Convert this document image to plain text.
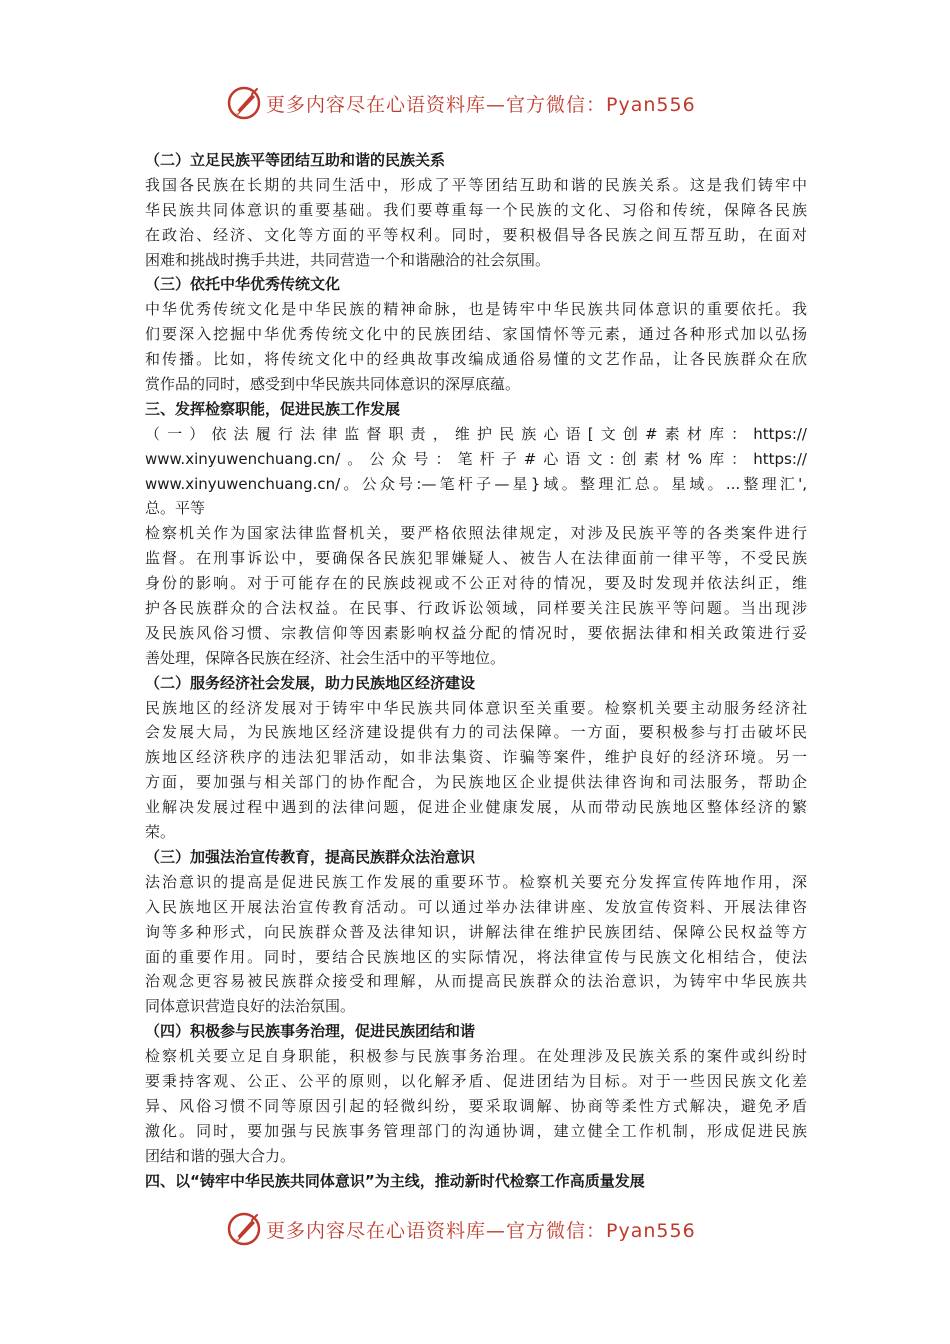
更多内容尽在心语资料库—官方微信：Pyan556
（二）立足民族平等团结互助和谐的民族关系
我国各民族在长期的共同生活中，形成了平等团结互助和谐的民族关系。这是我们铸牢中
华民族共同体意识的重要基础。我们要尊重每一个民族的文化、习俗和传统，保障各民族
在政治、经济、文化等方面的平等权利。同时，要积极倡导各民族之间互帮互助，在面对
困难和挑战时携手共进，共同营造一个和谐融洽的社会氛围。
（三）依托中华优秀传统文化
中华优秀传统文化是中华民族的精神命脉，也是铸牢中华民族共同体意识的重要依托。我
们要深入挖掘中华优秀传统文化中的民族团结、家国情怀等元素，通过各种形式加以弘扬
和传播。比如，将传统文化中的经典故事改编成通俗易懂的文艺作品，让各民族群众在欣
赏作品的同时，感受到中华民族共同体意识的深厚底蕴。
三、发挥检察职能，促进民族工作发展
（一）依法履行法律监督职责，维护民族心语[文创#素材库：https://
www.xinyuwenchuang.cn/。公众号：笔杆子#心语文:创素材%库：https://
www.xinyuwenchuang.cn/。公众号:—笔杆子—星}域。整理汇总。星域。...整理汇',
总。平等
检察机关作为国家法律监督机关，要严格依照法律规定，对涉及民族平等的各类案件进行
监督。在刑事诉讼中，要确保各民族犯罪嫌疑人、被告人在法律面前一律平等，不受民族
身份的影响。对于可能存在的民族歧视或不公正对待的情况，要及时发现并依法纠正，维
护各民族群众的合法权益。在民事、行政诉讼领域，同样要关注民族平等问题。当出现涉
及民族风俗习惯、宗教信仰等因素影响权益分配的情况时，要依据法律和相关政策进行妥
善处理，保障各民族在经济、社会生活中的平等地位。
（二）服务经济社会发展，助力民族地区经济建设
民族地区的经济发展对于铸牢中华民族共同体意识至关重要。检察机关要主动服务经济社
会发展大局，为民族地区经济建设提供有力的司法保障。一方面，要积极参与打击破坏民
族地区经济秩序的违法犯罪活动，如非法集资、诈骗等案件，维护良好的经济环境。另一
方面，要加强与相关部门的协作配合，为民族地区企业提供法律咨询和司法服务，帮助企
业解决发展过程中遇到的法律问题，促进企业健康发展，从而带动民族地区整体经济的繁
荣。
（三）加强法治宣传教育，提高民族群众法治意识
法治意识的提高是促进民族工作发展的重要环节。检察机关要充分发挥宣传阵地作用，深
入民族地区开展法治宣传教育活动。可以通过举办法律讲座、发放宣传资料、开展法律咨
询等多种形式，向民族群众普及法律知识，讲解法律在维护民族团结、保障公民权益等方
面的重要作用。同时，要结合民族地区的实际情况，将法律宣传与民族文化相结合，使法
治观念更容易被民族群众接受和理解，从而提高民族群众的法治意识，为铸牢中华民族共
同体意识营造良好的法治氛围。
（四）积极参与民族事务治理，促进民族团结和谐
检察机关要立足自身职能，积极参与民族事务治理。在处理涉及民族关系的案件或纠纷时
要秉持客观、公正、公平的原则，以化解矛盾、促进团结为目标。对于一些因民族文化差
异、风俗习惯不同等原因引起的轻微纠纷，要采取调解、协商等柔性方式解决，避免矛盾
激化。同时，要加强与民族事务管理部门的沟通协调，建立健全工作机制，形成促进民族
团结和谐的强大合力。
四、以“铸牢中华民族共同体意识”为主线，推动新时代检察工作高质量发展
更多内容尽在心语资料库—官方微信：Pyan556
